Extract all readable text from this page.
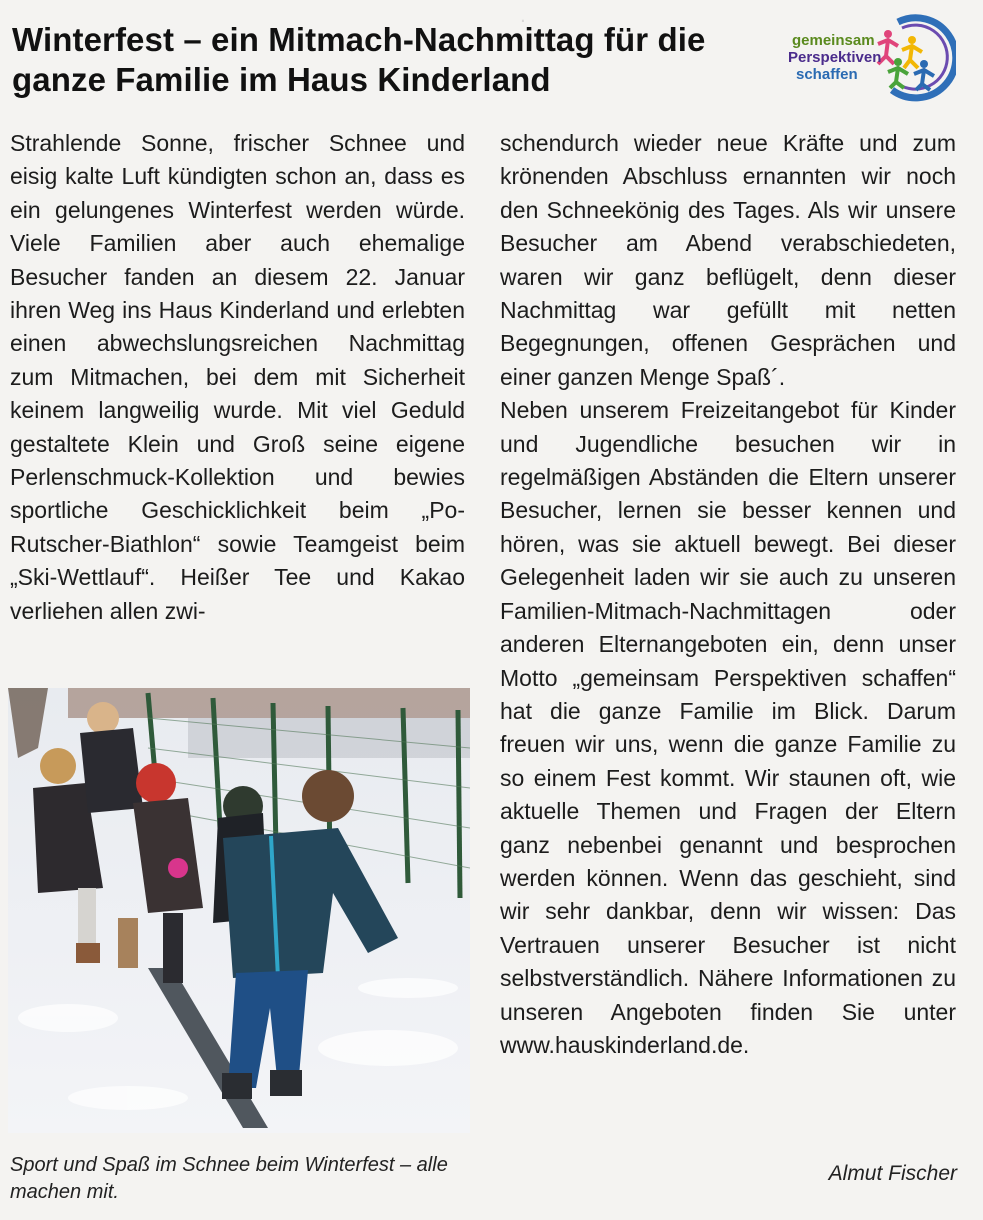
.
Winterfest – ein Mitmach-Nachmittag für die ganze Familie im Haus Kinderland
gemeinsam
Perspektiven
schaffen

Strahlende Sonne, frischer Schnee und eisig kalte Luft kündigten schon an, dass es ein gelungenes Winterfest werden würde. Viele Familien aber auch ehemalige Besucher fanden an diesem 22. Januar ihren Weg ins Haus Kinderland und erlebten einen abwechslungsreichen Nachmittag zum Mitmachen, bei dem mit Sicherheit keinem langweilig wurde. Mit viel Geduld gestaltete Klein und Groß seine eigene Perlenschmuck-Kollektion und bewies sportliche Geschicklichkeit beim „Po-Rutscher-Biathlon“ sowie Teamgeist beim „Ski-Wettlauf“. Heißer Tee und Kakao verliehen allen zwi-

schendurch wieder neue Kräfte und zum krönenden Abschluss ernannten wir noch den Schneekönig des Tages. Als wir unsere Besucher am Abend verabschiedeten, waren wir ganz beflügelt, denn dieser Nachmittag war gefüllt mit netten Begegnungen, offenen Gesprächen und einer ganzen Menge Spaß´.

Neben unserem Freizeitangebot für Kinder und Jugendliche besuchen wir in regelmäßigen Abständen die Eltern unserer Besucher, lernen sie besser kennen und hören, was sie aktuell bewegt. Bei dieser Gelegenheit laden wir sie auch zu unseren Familien-Mitmach-Nachmittagen oder anderen Elternangeboten ein, denn unser Motto „gemeinsam Perspektiven schaffen“ hat die ganze Familie im Blick. Darum freuen wir uns, wenn die ganze Familie zu so einem Fest kommt. Wir staunen oft, wie aktuelle Themen und Fragen der Eltern ganz nebenbei genannt und besprochen werden können. Wenn das geschieht, sind wir sehr dankbar, denn wir wissen: Das Vertrauen unserer Besucher ist nicht selbstverständlich. Nähere Informationen zu unseren Angeboten finden Sie unter www.hauskinderland.de.

Sport und Spaß im Schnee beim Winterfest – alle machen mit.

Almut Fischer
